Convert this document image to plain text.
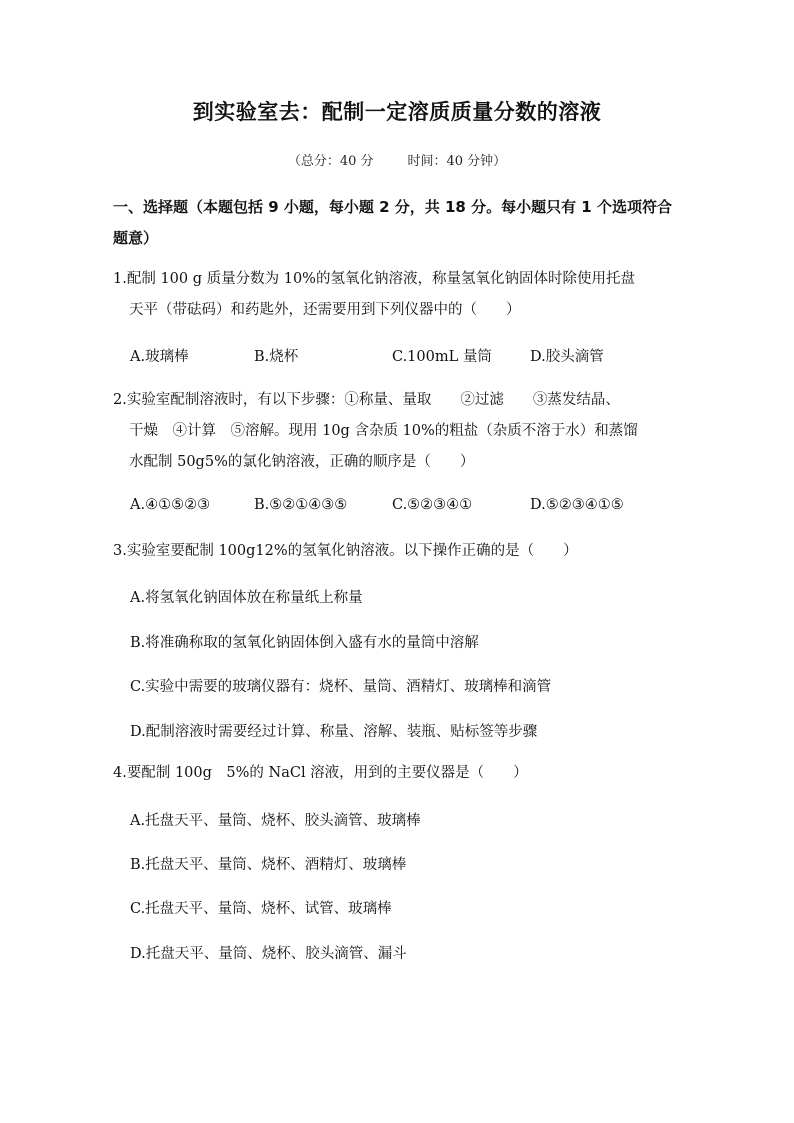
到实验室去：配制一定溶质质量分数的溶液
（总分：40 分	时间：40 分钟）
一、选择题（本题包括 9 小题，每小题 2 分，共 18 分。每小题只有 1 个选项符合
题意）
1.配制 100 g 质量分数为 10%的氢氧化钠溶液，称量氢氧化钠固体时除使用托盘
天平（带砝码）和药匙外，还需要用到下列仪器中的（　　）
A.玻璃棒	B.烧杯	C.100mL 量筒	D.胶头滴管
2.实验室配制溶液时，有以下步骤：①称量、量取　　②过滤　　③蒸发结晶、
干燥　④计算　⑤溶解。现用 10g 含杂质 10%的粗盐（杂质不溶于水）和蒸馏
水配制 50g5%的氯化钠溶液，正确的顺序是（　　）
A.④①⑤②③	B.⑤②①④③⑤	C.⑤②③④①	D.⑤②③④①⑤
3.实验室要配制 100g12%的氢氧化钠溶液。以下操作正确的是（　　）
A.将氢氧化钠固体放在称量纸上称量
B.将准确称取的氢氧化钠固体倒入盛有水的量筒中溶解
C.实验中需要的玻璃仪器有：烧杯、量筒、酒精灯、玻璃棒和滴管
D.配制溶液时需要经过计算、称量、溶解、装瓶、贴标签等步骤
4.要配制 100g　5%的 NaCl 溶液，用到的主要仪器是（　　）
A.托盘天平、量筒、烧杯、胶头滴管、玻璃棒
B.托盘天平、量筒、烧杯、酒精灯、玻璃棒
C.托盘天平、量筒、烧杯、试管、玻璃棒
D.托盘天平、量筒、烧杯、胶头滴管、漏斗
